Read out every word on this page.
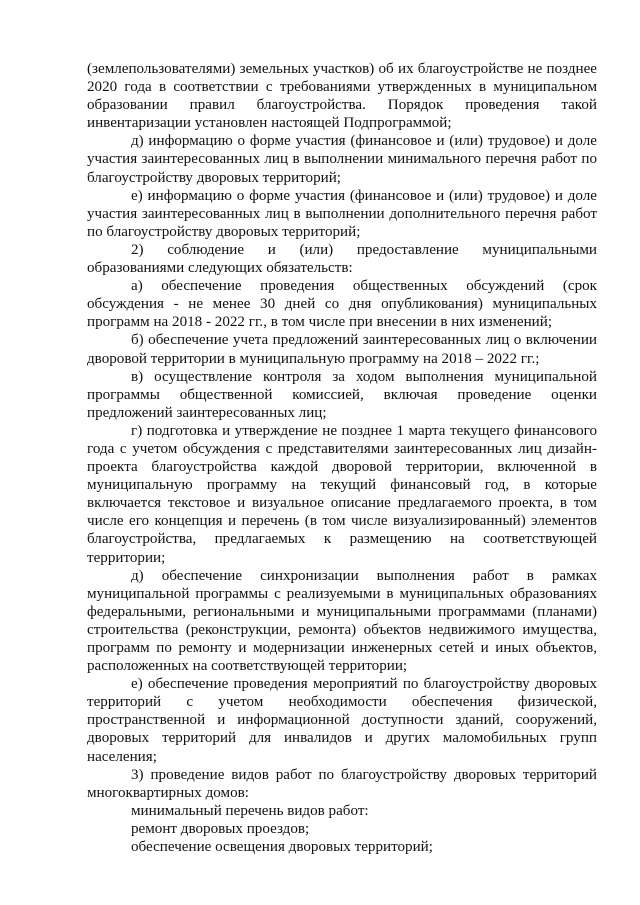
(землепользователями) земельных участков) об их благоустройстве не позднее 2020 года в соответствии с требованиями утвержденных в муниципальном образовании правил благоустройства. Порядок проведения такой инвентаризации установлен настоящей Подпрограммой;

д) информацию о форме участия (финансовое и (или) трудовое) и доле участия заинтересованных лиц в выполнении минимального перечня работ по благоустройству дворовых территорий;

е) информацию о форме участия (финансовое и (или) трудовое) и доле участия заинтересованных лиц в выполнении дополнительного перечня работ по благоустройству дворовых территорий;

2) соблюдение и (или) предоставление муниципальными образованиями следующих обязательств:

а) обеспечение проведения общественных обсуждений (срок обсуждения - не менее 30 дней со дня опубликования) муниципальных программ на 2018 - 2022 гг., в том числе при внесении в них изменений;

б) обеспечение учета предложений заинтересованных лиц о включении дворовой территории в муниципальную программу на 2018 – 2022 гг.;

в) осуществление контроля за ходом выполнения муниципальной программы общественной комиссией, включая проведение оценки предложений заинтересованных лиц;

г) подготовка и утверждение не позднее 1 марта текущего финансового года с учетом обсуждения с представителями заинтересованных лиц дизайн-проекта благоустройства каждой дворовой территории, включенной в муниципальную программу на текущий финансовый год, в которые включается текстовое и визуальное описание предлагаемого проекта, в том числе его концепция и перечень (в том числе визуализированный) элементов благоустройства, предлагаемых к размещению на соответствующей территории;

д) обеспечение синхронизации выполнения работ в рамках муниципальной программы с реализуемыми в муниципальных образованиях федеральными, региональными и муниципальными программами (планами) строительства (реконструкции, ремонта) объектов недвижимого имущества, программ по ремонту и модернизации инженерных сетей и иных объектов, расположенных на соответствующей территории;

е) обеспечение проведения мероприятий по благоустройству дворовых территорий с учетом необходимости обеспечения физической, пространственной и информационной доступности зданий, сооружений, дворовых территорий для инвалидов и других маломобильных групп населения;

3) проведение видов работ по благоустройству дворовых территорий многоквартирных домов:

минимальный перечень видов работ:

ремонт дворовых проездов;

обеспечение освещения дворовых территорий;
